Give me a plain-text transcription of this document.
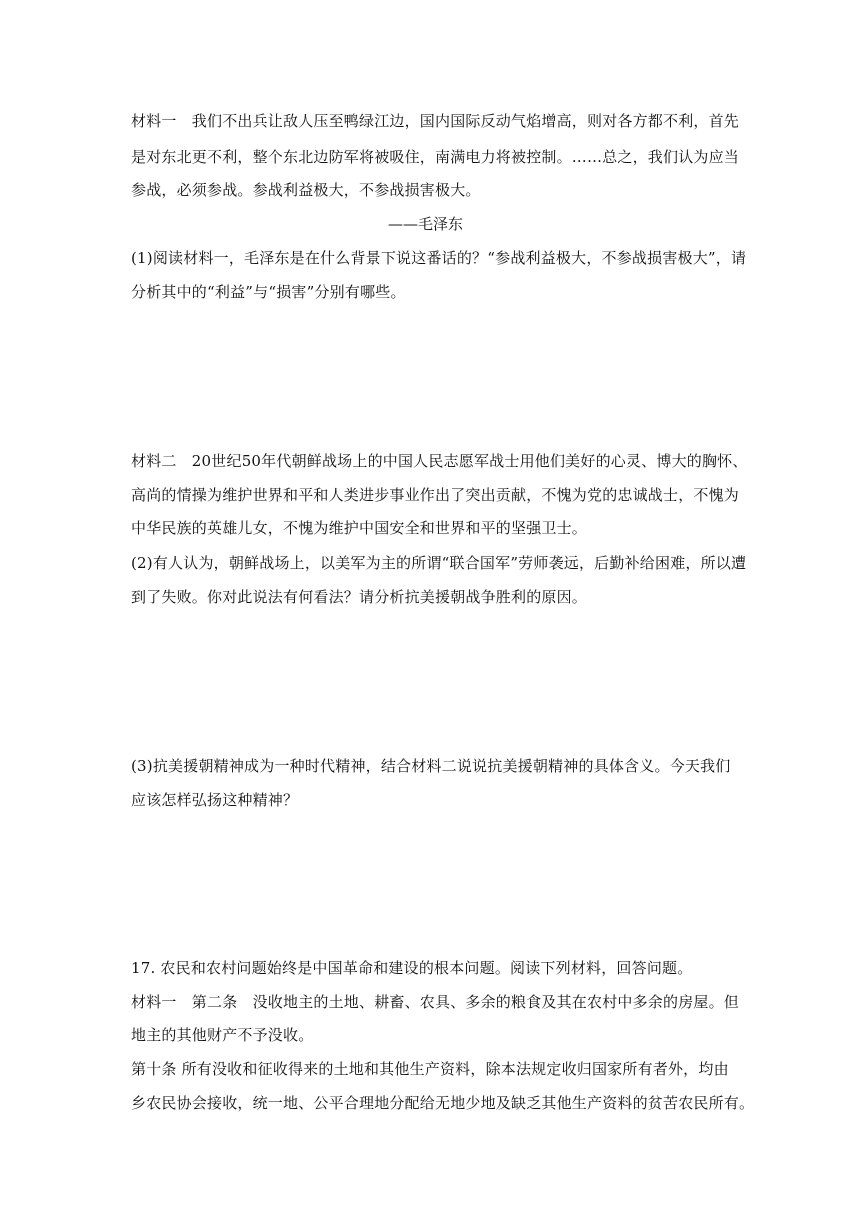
材料一　我们不出兵让敌人压至鸭绿江边，国内国际反动气焰增高，则对各方都不利，首先
是对东北更不利，整个东北边防军将被吸住，南满电力将被控制。……总之，我们认为应当
参战，必须参战。参战利益极大，不参战损害极大。
——毛泽东
(1)阅读材料一，毛泽东是在什么背景下说这番话的？“参战利益极大，不参战损害极大”，请
分析其中的“利益”与“损害”分别有哪些。
材料二　20世纪50年代朝鲜战场上的中国人民志愿军战士用他们美好的心灵、博大的胸怀、
高尚的情操为维护世界和平和人类进步事业作出了突出贡献，不愧为党的忠诚战士，不愧为
中华民族的英雄儿女，不愧为维护中国安全和世界和平的坚强卫士。
(2)有人认为，朝鲜战场上，以美军为主的所谓“联合国军”劳师袭远，后勤补给困难，所以遭
到了失败。你对此说法有何看法？请分析抗美援朝战争胜利的原因。
(3)抗美援朝精神成为一种时代精神，结合材料二说说抗美援朝精神的具体含义。今天我们
应该怎样弘扬这种精神？
17. 农民和农村问题始终是中国革命和建设的根本问题。阅读下列材料，回答问题。
材料一　第二条　没收地主的土地、耕畜、农具、多余的粮食及其在农村中多余的房屋。但
地主的其他财产不予没收。
第十条 所有没收和征收得来的土地和其他生产资料，除本法规定收归国家所有者外，均由
乡农民协会接收，统一地、公平合理地分配给无地少地及缺乏其他生产资料的贫苦农民所有。
